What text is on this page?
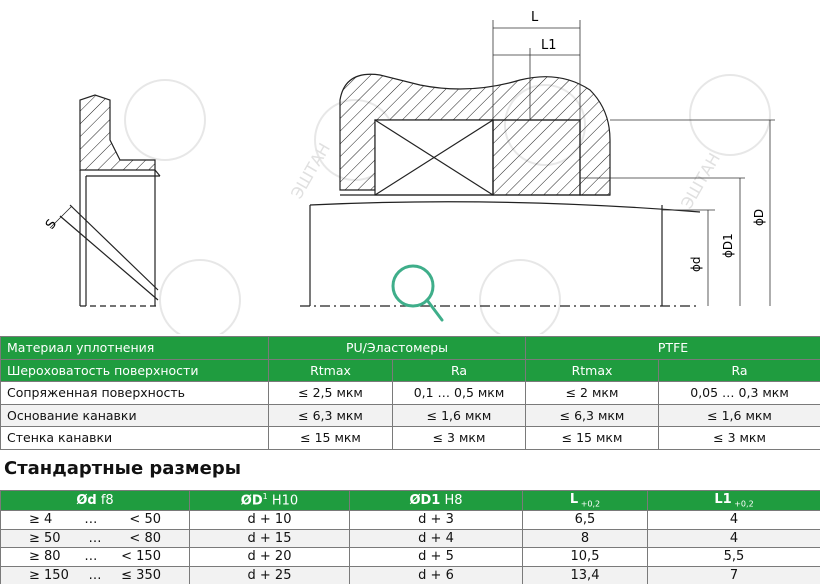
ЭШТАН	ЭШТАН
S
L
L1
ϕd
ϕD1
ϕD
Материал уплотнения	PU/Эластомеры		PTFE	
Шероховатость поверхности	Rtmax	Ra	Rtmax	Ra
Сопряженная поверхность	≤ 2,5 мкм	0,1 … 0,5 мкм	≤ 2 мкм	0,05 … 0,3 мкм
Основание канавки	≤ 6,3 мкм	≤ 1,6 мкм	≤ 6,3 мкм	≤ 1,6 мкм
Стенка канавки	≤ 15 мкм	≤ 3 мкм	≤ 15 мкм	≤ 3 мкм
Стандартные размеры
Ød f8	$ØD^1$ H10	ØD1 H8	L $_{+0,2}$	L1 $_{+0,2}$

≥ 4 … < 50	d + 10	d + 3	6,5	4

≥ 50 … < 80	d + 15	d + 4	8	4

≥ 80 … < 150	d + 20	d + 5	10,5	5,5

≥ 150 … ≤ 350	d + 25	d + 6	13,4	7
